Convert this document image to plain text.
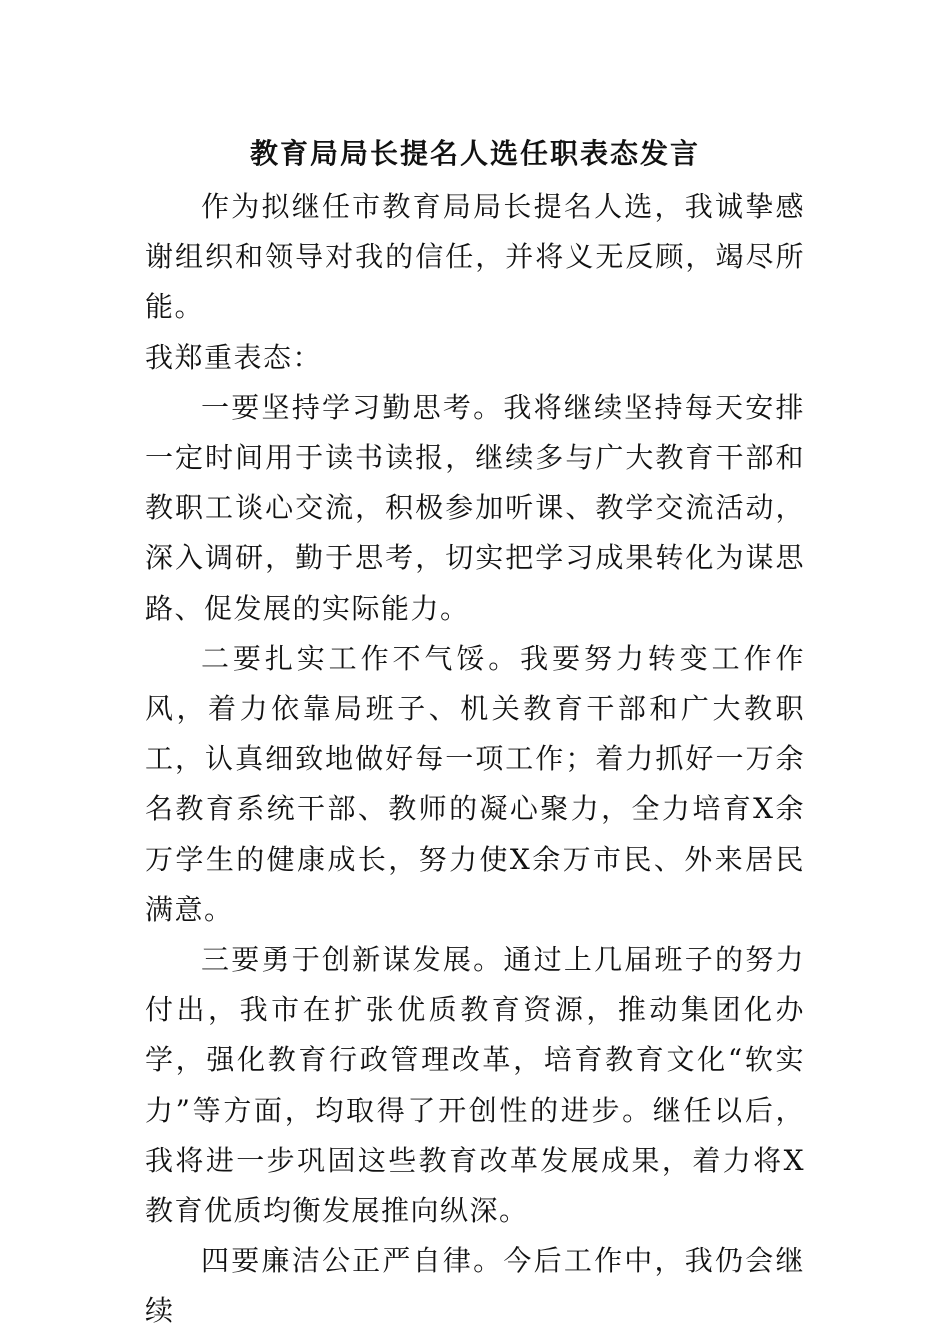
教育局局长提名人选任职表态发言

作为拟继任市教育局局长提名人选，我诚挚感谢组织和领导对我的信任，并将义无反顾，竭尽所能。

我郑重表态：

一要坚持学习勤思考。我将继续坚持每天安排一定时间用于读书读报，继续多与广大教育干部和教职工谈心交流，积极参加听课、教学交流活动，深入调研，勤于思考，切实把学习成果转化为谋思路、促发展的实际能力。

二要扎实工作不气馁。我要努力转变工作作风，着力依靠局班子、机关教育干部和广大教职工，认真细致地做好每一项工作；着力抓好一万余名教育系统干部、教师的凝心聚力，全力培育X余万学生的健康成长，努力使X余万市民、外来居民满意。

三要勇于创新谋发展。通过上几届班子的努力付出，我市在扩张优质教育资源，推动集团化办学，强化教育行政管理改革，培育教育文化“软实力”等方面，均取得了开创性的进步。继任以后，我将进一步巩固这些教育改革发展成果，着力将X教育优质均衡发展推向纵深。

四要廉洁公正严自律。今后工作中，我仍会继续
